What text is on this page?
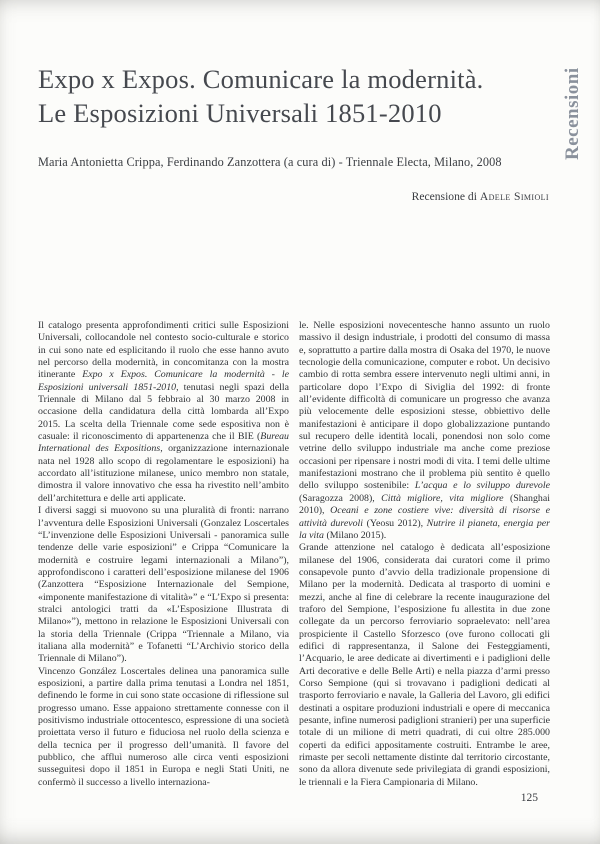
Recensioni
Expo x Expos. Comunicare la modernità.
Le Esposizioni Universali 1851-2010
Maria Antonietta Crippa, Ferdinando Zanzottera (a cura di) - Triennale Electa, Milano, 2008
Recensione di Adele Simioli

Il catalogo presenta approfondimenti critici sulle Esposizioni Universali, collocandole nel contesto socio-culturale e storico in cui sono nate ed esplicitando il ruolo che esse hanno avuto nel percorso della modernità, in concomitanza con la mostra itinerante Expo x Expos. Comunicare la modernità - le Esposizioni universali 1851-2010, tenutasi negli spazi della Triennale di Milano dal 5 febbraio al 30 marzo 2008 in occasione della candidatura della città lombarda all’Expo 2015. La scelta della Triennale come sede espositiva non è casuale: il riconoscimento di appartenenza che il BIE (Bureau International des Expositions, organizzazione internazionale nata nel 1928 allo scopo di regolamentare le esposizioni) ha accordato all’istituzione milanese, unico membro non statale, dimostra il valore innovativo che essa ha rivestito nell’ambito dell’architettura e delle arti applicate.

I diversi saggi si muovono su una pluralità di fronti: narrano l’avventura delle Esposizioni Universali (Gonzalez Loscertales “L’invenzione delle Esposizioni Universali - panoramica sulle tendenze delle varie esposizioni” e Crippa “Comunicare la modernità e costruire legami internazionali a Milano”), approfondiscono i caratteri dell’esposizione milanese del 1906 (Zanzottera “Esposizione Internazionale del Sempione, «imponente manifestazione di vitalità»” e “L’Expo si presenta: stralci antologici tratti da «L’Esposizione Illustrata di Milano»”), mettono in relazione le Esposizioni Universali con la storia della Triennale (Crippa “Triennale a Milano, via italiana alla modernità” e Tofanetti “L’Archivio storico della Triennale di Milano”).

Vincenzo González Loscertales delinea una panoramica sulle esposizioni, a partire dalla prima tenutasi a Londra nel 1851, definendo le forme in cui sono state occasione di riflessione sul progresso umano. Esse appaiono strettamente connesse con il positivismo industriale ottocentesco, espressione di una società proiettata verso il futuro e fiduciosa nel ruolo della scienza e della tecnica per il progresso dell’umanità. Il favore del pubblico, che affluì numeroso alle circa venti esposizioni susseguitesi dopo il 1851 in Europa e negli Stati Uniti, ne confermò il successo a livello internaziona-

le. Nelle esposizioni novecentesche hanno assunto un ruolo massivo il design industriale, i prodotti del consumo di massa e, soprattutto a partire dalla mostra di Osaka del 1970, le nuove tecnologie della comunicazione, computer e robot. Un decisivo cambio di rotta sembra essere intervenuto negli ultimi anni, in particolare dopo l’Expo di Siviglia del 1992: di fronte all’evidente difficoltà di comunicare un progresso che avanza più velocemente delle esposizioni stesse, obbiettivo delle manifestazioni è anticipare il dopo globalizzazione puntando sul recupero delle identità locali, ponendosi non solo come vetrine dello sviluppo industriale ma anche come preziose occasioni per ripensare i nostri modi di vita. I temi delle ultime manifestazioni mostrano che il problema più sentito è quello dello sviluppo sostenibile: L’acqua e lo sviluppo durevole (Saragozza 2008), Città migliore, vita migliore (Shanghai 2010), Oceani e zone costiere vive: diversità di risorse e attività durevoli (Yeosu 2012), Nutrire il pianeta, energia per la vita (Milano 2015).

Grande attenzione nel catalogo è dedicata all’esposizione milanese del 1906, considerata dai curatori come il primo consapevole punto d’avvio della tradizionale propensione di Milano per la modernità. Dedicata al trasporto di uomini e mezzi, anche al fine di celebrare la recente inaugurazione del traforo del Sempione, l’esposizione fu allestita in due zone collegate da un percorso ferroviario sopraelevato: nell’area prospiciente il Castello Sforzesco (ove furono collocati gli edifici di rappresentanza, il Salone dei Festeggiamenti, l’Acquario, le aree dedicate ai divertimenti e i padiglioni delle Arti decorative e delle Belle Arti) e nella piazza d’armi presso Corso Sempione (qui si trovavano i padiglioni dedicati al trasporto ferroviario e navale, la Galleria del Lavoro, gli edifici destinati a ospitare produzioni industriali e opere di meccanica pesante, infine numerosi padiglioni stranieri) per una superficie totale di un milione di metri quadrati, di cui oltre 285.000 coperti da edifici appositamente costruiti. Entrambe le aree, rimaste per secoli nettamente distinte dal territorio circostante, sono da allora divenute sede privilegiata di grandi esposizioni, le triennali e la Fiera Campionaria di Milano.

125
